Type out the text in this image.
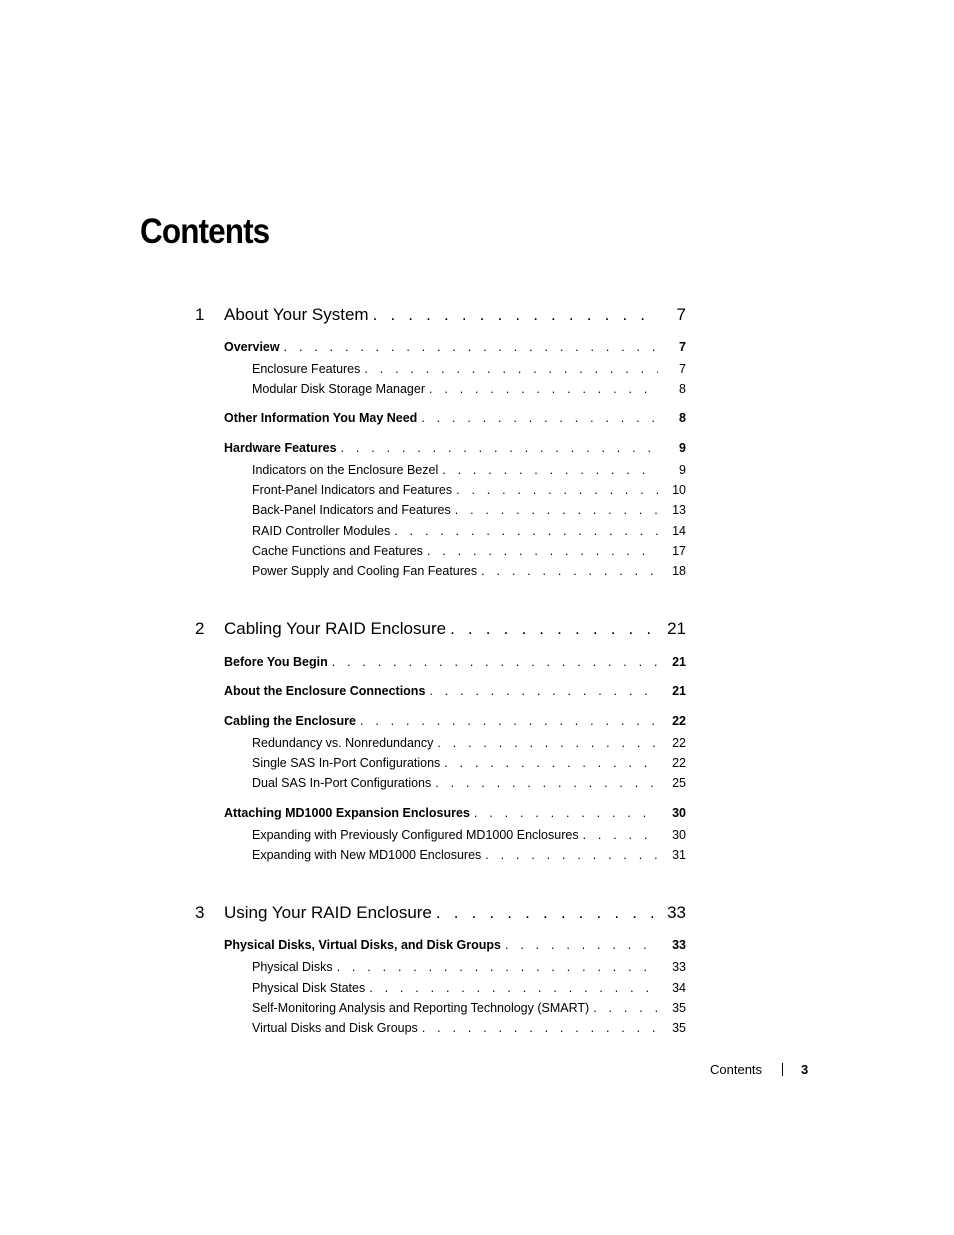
Contents
1 About Your System . . .	7
Overview . . .	7
Enclosure Features . . .	7
Modular Disk Storage Manager . . .	8
Other Information You May Need . . .	8
Hardware Features . . .	9
Indicators on the Enclosure Bezel . . .	9
Front-Panel Indicators and Features . . .	10
Back-Panel Indicators and Features . . .	13
RAID Controller Modules . . .	14
Cache Functions and Features . . .	17
Power Supply and Cooling Fan Features . . .	18
2 Cabling Your RAID Enclosure . . .	21
Before You Begin . . .	21
About the Enclosure Connections . . .	21
Cabling the Enclosure . . .	22
Redundancy vs. Nonredundancy . . .	22
Single SAS In-Port Configurations . . .	22
Dual SAS In-Port Configurations . . .	25
Attaching MD1000 Expansion Enclosures . . .	30
Expanding with Previously Configured MD1000 Enclosures . . .	30
Expanding with New MD1000 Enclosures . . .	31
3 Using Your RAID Enclosure . . .	33
Physical Disks, Virtual Disks, and Disk Groups . . .	33
Physical Disks . . .	33
Physical Disk States . . .	34
Self-Monitoring Analysis and Reporting Technology (SMART) . . .	35
Virtual Disks and Disk Groups . . .	35
Contents	3
